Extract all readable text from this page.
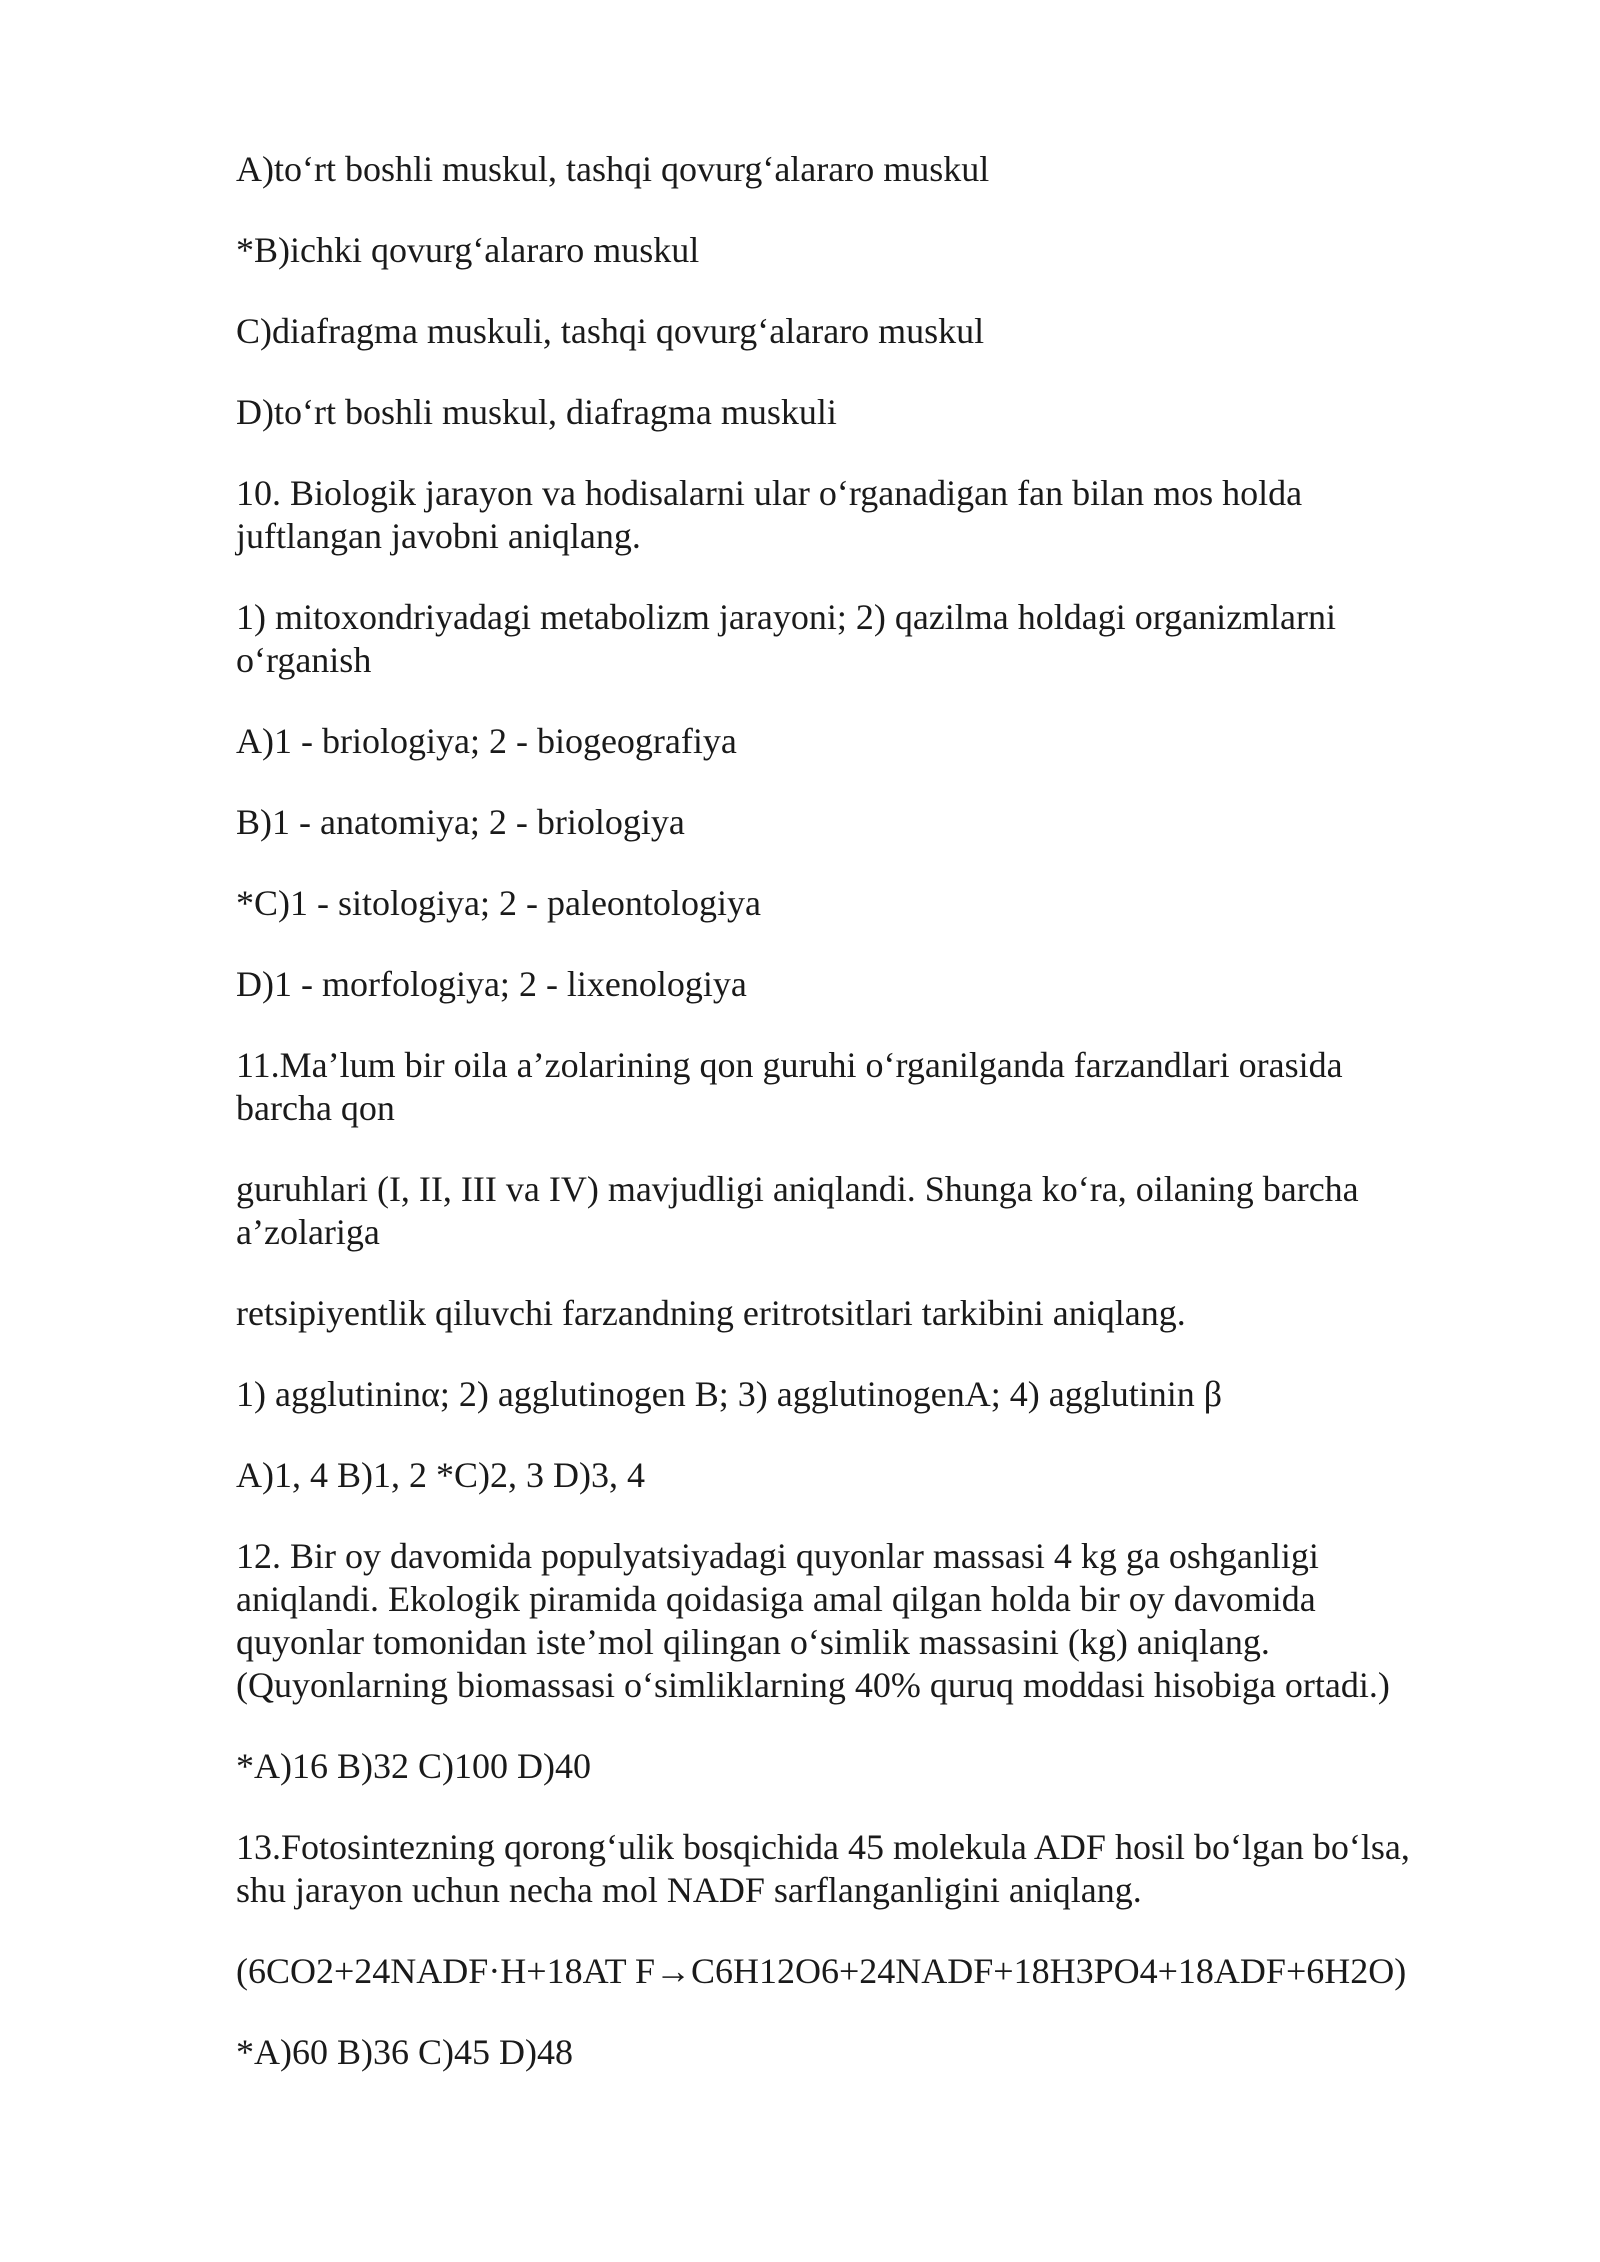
A)to‘rt boshli muskul, tashqi qovurg‘alararo muskul

*B)ichki qovurg‘alararo muskul

C)diafragma muskuli, tashqi qovurg‘alararo muskul

D)to‘rt boshli muskul, diafragma muskuli

10. Biologik jarayon va hodisalarni ular o‘rganadigan fan bilan mos holda
juftlangan javobni aniqlang.

1) mitoxondriyadagi metabolizm jarayoni; 2) qazilma holdagi organizmlarni
o‘rganish

A)1 - briologiya; 2 - biogeografiya

B)1 - anatomiya; 2 - briologiya

*C)1 - sitologiya; 2 - paleontologiya

D)1 - morfologiya; 2 - lixenologiya

11.Ma’lum bir oila a’zolarining qon guruhi o‘rganilganda farzandlari orasida
barcha qon

guruhlari (I, II, III va IV) mavjudligi aniqlandi. Shunga ko‘ra, oilaning barcha
a’zolariga

retsipiyentlik qiluvchi farzandning eritrotsitlari tarkibini aniqlang.

1) agglutininα; 2) agglutinogen B; 3) agglutinogenA; 4) agglutinin β

A)1, 4 B)1, 2 *C)2, 3 D)3, 4

12. Bir oy davomida populyatsiyadagi quyonlar massasi 4 kg ga oshganligi
aniqlandi. Ekologik piramida qoidasiga amal qilgan holda bir oy davomida
quyonlar tomonidan iste’mol qilingan o‘simlik massasini (kg) aniqlang.
(Quyonlarning biomassasi o‘simliklarning 40% quruq moddasi hisobiga ortadi.)

*A)16 B)32 C)100 D)40

13.Fotosintezning qorong‘ulik bosqichida 45 molekula ADF hosil bo‘lgan bo‘lsa,
shu jarayon uchun necha mol NADF sarflanganligini aniqlang.

(6CO2+24NADF·H+18AT F→C6H12O6+24NADF+18H3PO4+18ADF+6H2O)

*A)60 B)36 C)45 D)48
